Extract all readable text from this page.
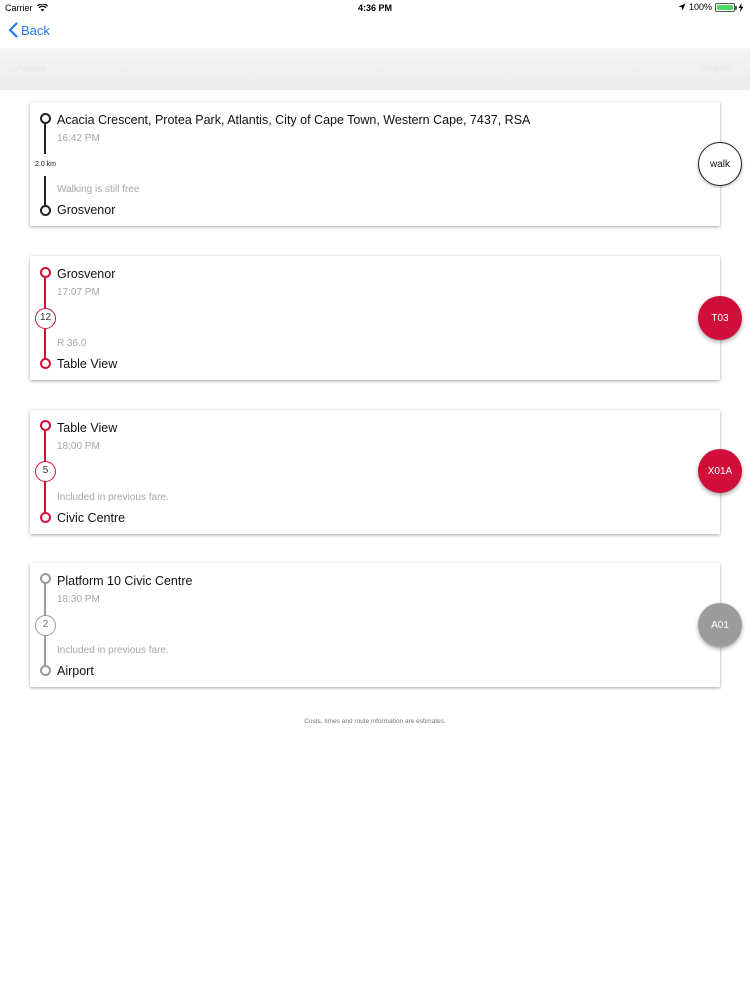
Carrier	4:36 PM	100%
Back
Acacia	Airport
2.0 km
Acacia Crescent, Protea Park, Atlantis, City of Cape Town, Western Cape, 7437, RSA
16:42 PM
Walking is still free
Grosvenor
walk
12
Grosvenor
17:07 PM
R 36.0
Table View
T03
5
Table View
18:00 PM
Included in previous fare.
Civic Centre
X01A
2
Platform 10 Civic Centre
18:30 PM
Included in previous fare.
Airport
A01
Costs, times and route information are estimates.
